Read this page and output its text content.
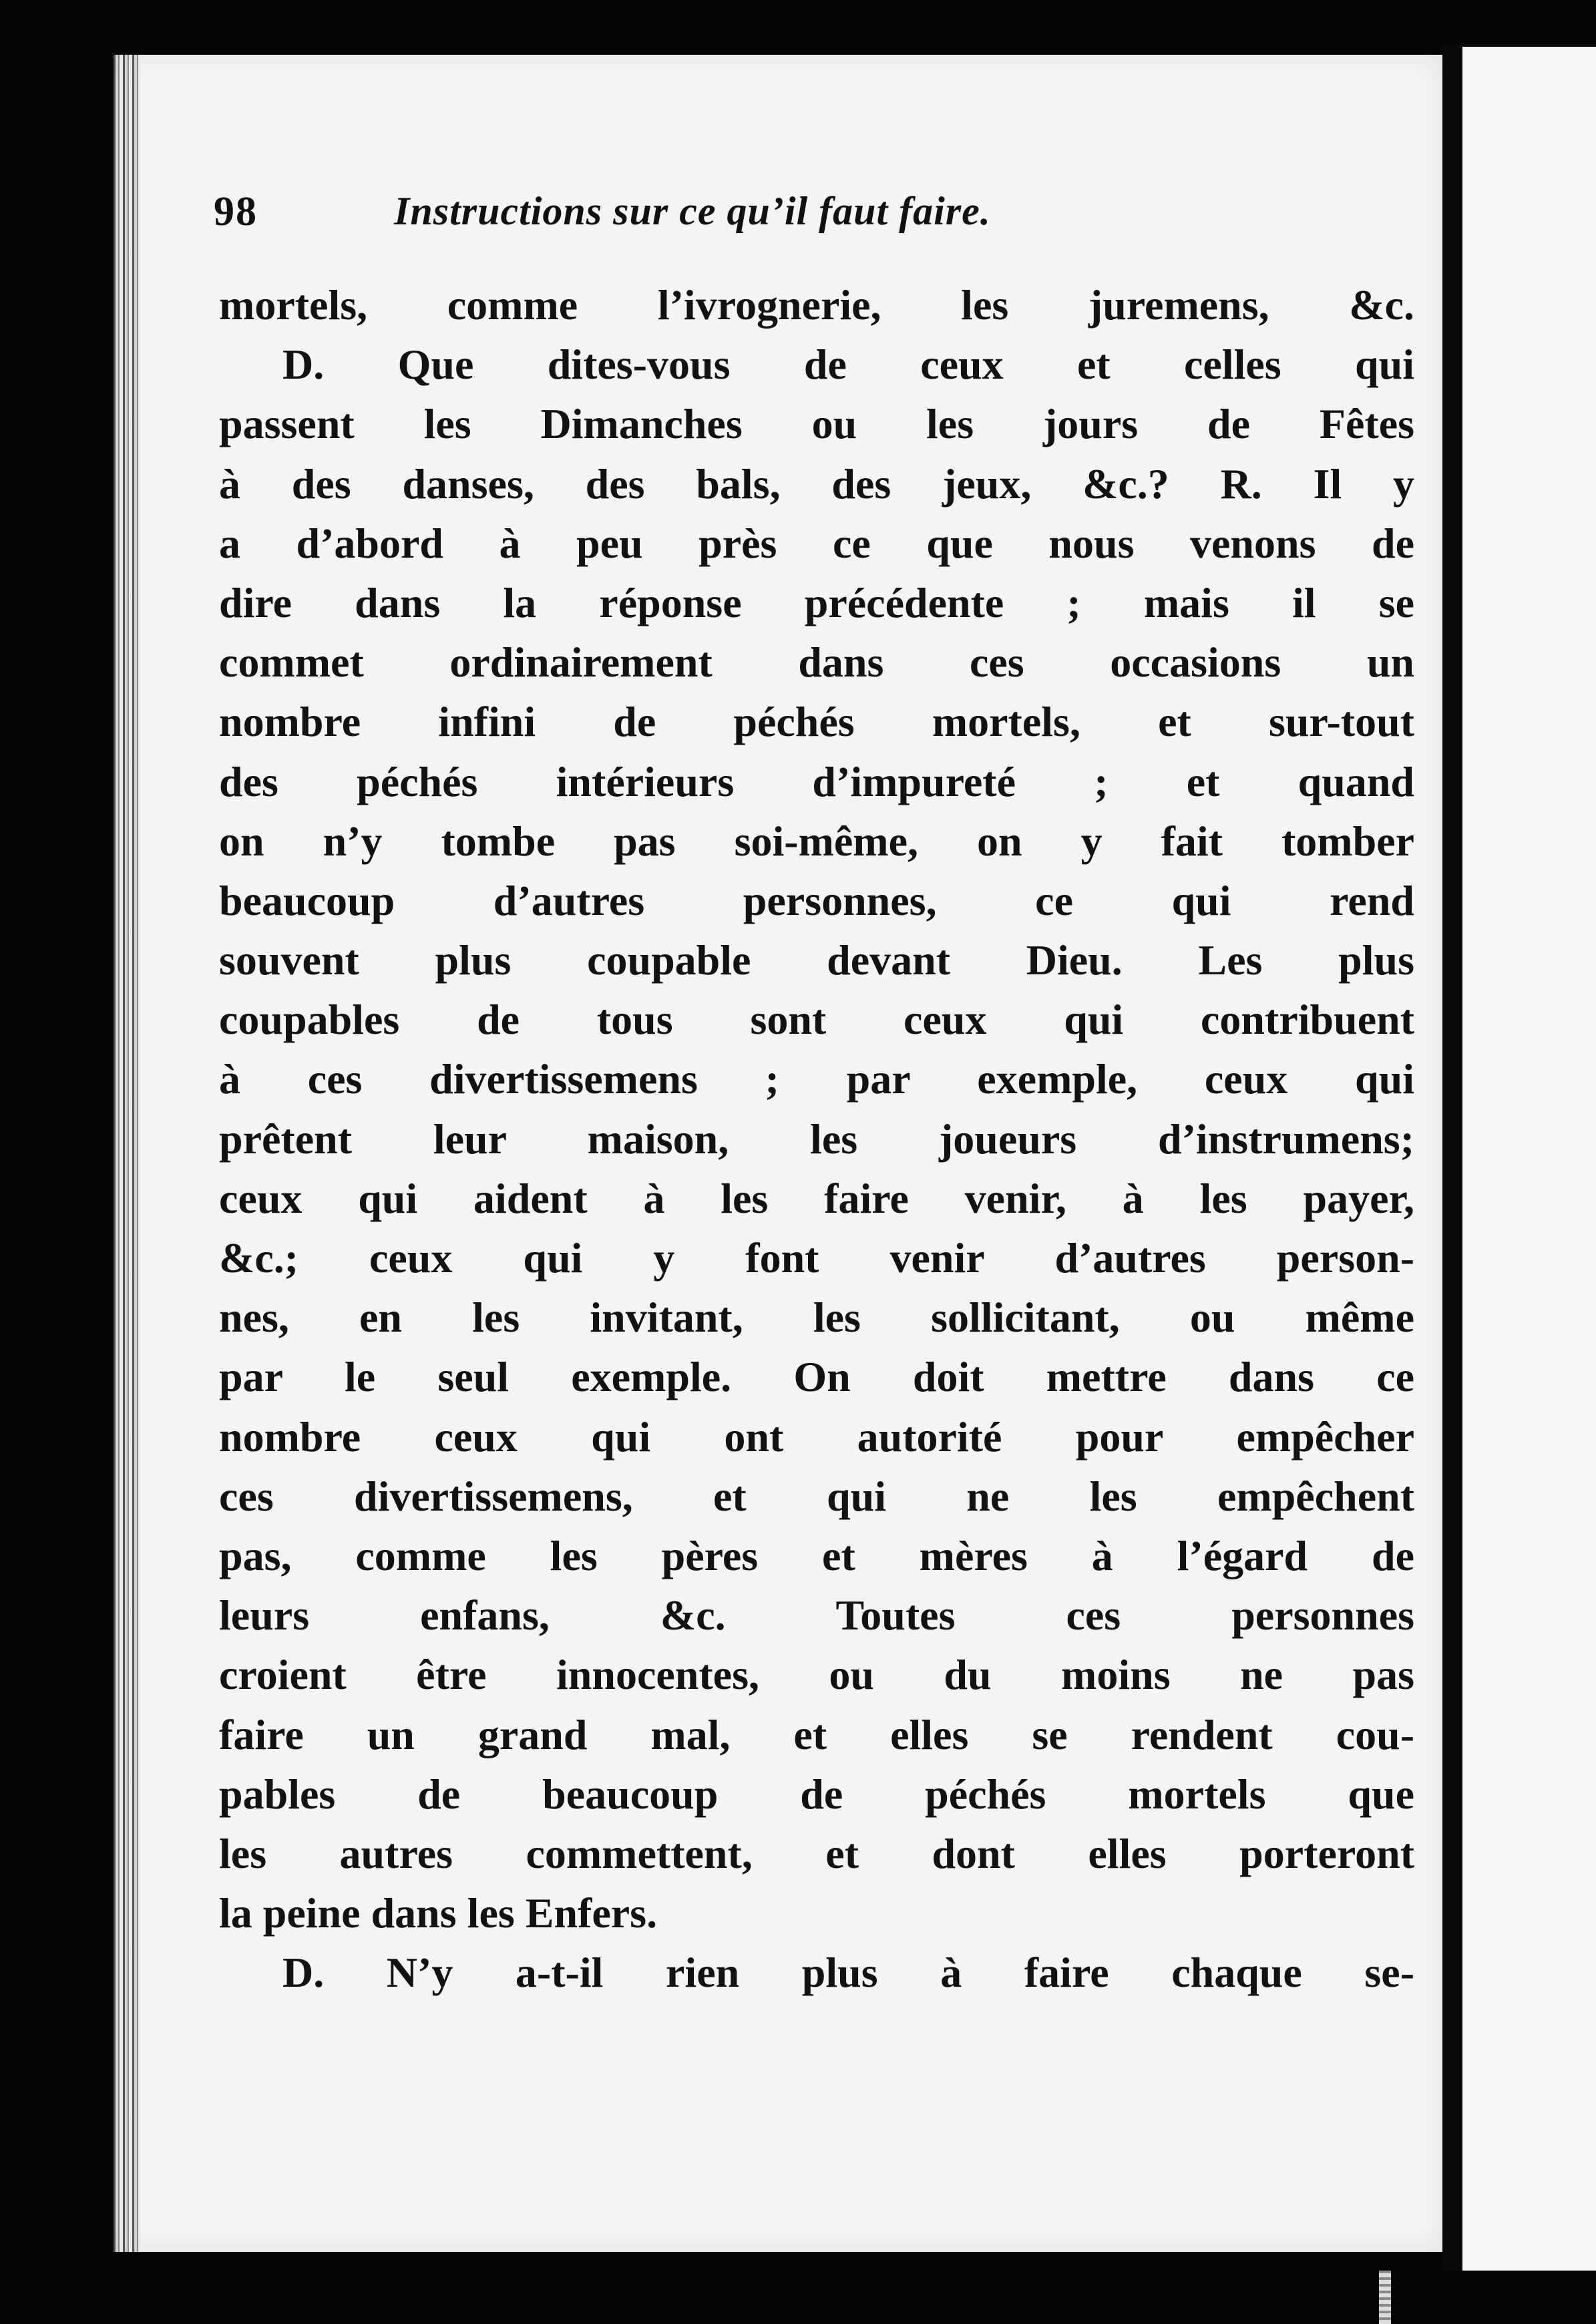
98	Instructions sur ce qu’il faut faire.
mortels, comme l’ivrognerie, les juremens, &c.
D. Que dites-vous de ceux et celles qui
passent les Dimanches ou les jours de Fêtes
à des danses, des bals, des jeux, &c.? R. Il y
a d’abord à peu près ce que nous venons de
dire dans la réponse précédente ; mais il se
commet ordinairement dans ces occasions un
nombre infini de péchés mortels, et sur-tout
des péchés intérieurs d’impureté ; et quand
on n’y tombe pas soi-même, on y fait tomber
beaucoup d’autres personnes, ce qui rend
souvent plus coupable devant Dieu. Les plus
coupables de tous sont ceux qui contribuent
à ces divertissemens ; par exemple, ceux qui
prêtent leur maison, les joueurs d’instrumens;
ceux qui aident à les faire venir, à les payer,
&c.; ceux qui y font venir d’autres person-
nes, en les invitant, les sollicitant, ou même
par le seul exemple. On doit mettre dans ce
nombre ceux qui ont autorité pour empêcher
ces divertissemens, et qui ne les empêchent
pas, comme les pères et mères à l’égard de
leurs enfans, &c. Toutes ces personnes
croient être innocentes, ou du moins ne pas
faire un grand mal, et elles se rendent cou-
pables de beaucoup de péchés mortels que
les autres commettent, et dont elles porteront
la peine dans les Enfers.
D. N’y a-t-il rien plus à faire chaque se-
